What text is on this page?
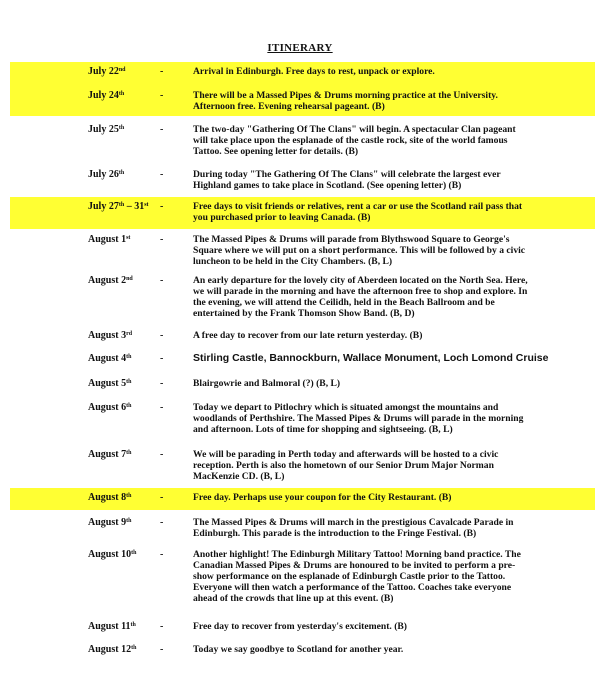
ITINERARY
July 22nd	-	Arrival in Edinburgh. Free days to rest, unpack or explore.
July 24th	-	There will be a Massed Pipes & Drums morning practice at the University. Afternoon free. Evening rehearsal pageant. (B)
July 25th	-	The two-day "Gathering Of The Clans" will begin. A spectacular Clan pageant will take place upon the esplanade of the castle rock, site of the world famous Tattoo. See opening letter for details. (B)
July 26th	-	During today "The Gathering Of The Clans" will celebrate the largest ever Highland games to take place in Scotland. (See opening letter) (B)
July 27th – 31st -	Free days to visit friends or relatives, rent a car or use the Scotland rail pass that you purchased prior to leaving Canada. (B)
August 1st	-	The Massed Pipes & Drums will parade from Blythswood Square to George's Square where we will put on a short performance. This will be followed by a civic luncheon to be held in the City Chambers. (B, L)
August 2nd	-	An early departure for the lovely city of Aberdeen located on the North Sea. Here, we will parade in the morning and have the afternoon free to shop and explore. In the evening, we will attend the Ceilidh, held in the Beach Ballroom and be entertained by the Frank Thomson Show Band. (B, D)
August 3rd	-	A free day to recover from our late return yesterday. (B)
August 4th	-	Stirling Castle, Bannockburn, Wallace Monument, Loch Lomond Cruise
August 5th	-	Blairgowrie and Balmoral (?) (B, L)
August 6th	-	Today we depart to Pitlochry which is situated amongst the mountains and woodlands of Perthshire. The Massed Pipes & Drums will parade in the morning and afternoon. Lots of time for shopping and sightseeing. (B, L)
August 7th	-	We will be parading in Perth today and afterwards will be hosted to a civic reception. Perth is also the hometown of our Senior Drum Major Norman MacKenzie CD. (B, L)
August 8th	-	Free day. Perhaps use your coupon for the City Restaurant. (B)
August 9th	-	The Massed Pipes & Drums will march in the prestigious Cavalcade Parade in Edinburgh. This parade is the introduction to the Fringe Festival. (B)
August 10th -	Another highlight! The Edinburgh Military Tattoo! Morning band practice. The Canadian Massed Pipes & Drums are honoured to be invited to perform a pre-show performance on the esplanade of Edinburgh Castle prior to the Tattoo. Everyone will then watch a performance of the Tattoo. Coaches take everyone ahead of the crowds that line up at this event. (B)
August 11th -	Free day to recover from yesterday's excitement. (B)
August 12th -	Today we say goodbye to Scotland for another year.
